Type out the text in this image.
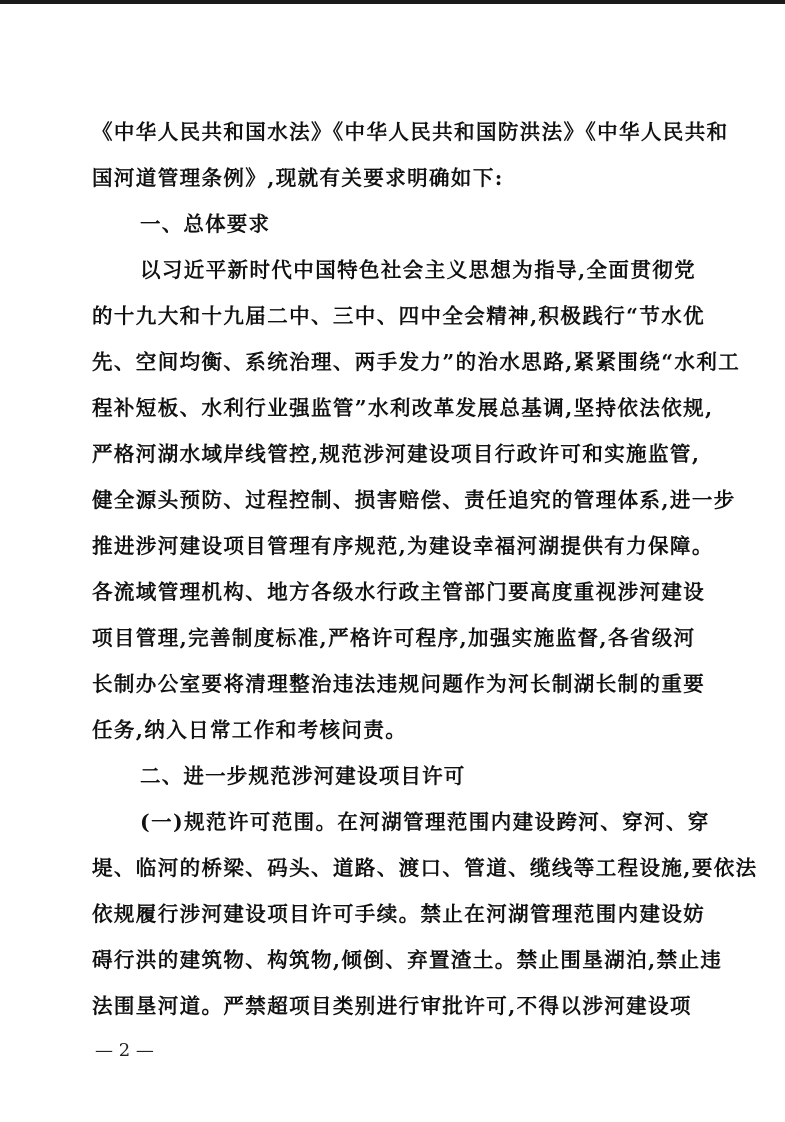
《中华人民共和国水法》《中华人民共和国防洪法》《中华人民共和
国河道管理条例》,现就有关要求明确如下:
一、总体要求
以习近平新时代中国特色社会主义思想为指导,全面贯彻党
的十九大和十九届二中、三中、四中全会精神,积极践行“节水优
先、空间均衡、系统治理、两手发力”的治水思路,紧紧围绕“水利工
程补短板、水利行业强监管”水利改革发展总基调,坚持依法依规,
严格河湖水域岸线管控,规范涉河建设项目行政许可和实施监管,
健全源头预防、过程控制、损害赔偿、责任追究的管理体系,进一步
推进涉河建设项目管理有序规范,为建设幸福河湖提供有力保障。
各流域管理机构、地方各级水行政主管部门要高度重视涉河建设
项目管理,完善制度标准,严格许可程序,加强实施监督,各省级河
长制办公室要将清理整治违法违规问题作为河长制湖长制的重要
任务,纳入日常工作和考核问责。
二、进一步规范涉河建设项目许可
(一)规范许可范围。在河湖管理范围内建设跨河、穿河、穿
堤、临河的桥梁、码头、道路、渡口、管道、缆线等工程设施,要依法
依规履行涉河建设项目许可手续。禁止在河湖管理范围内建设妨
碍行洪的建筑物、构筑物,倾倒、弃置渣土。禁止围垦湖泊,禁止违
法围垦河道。严禁超项目类别进行审批许可,不得以涉河建设项
— 2 —
